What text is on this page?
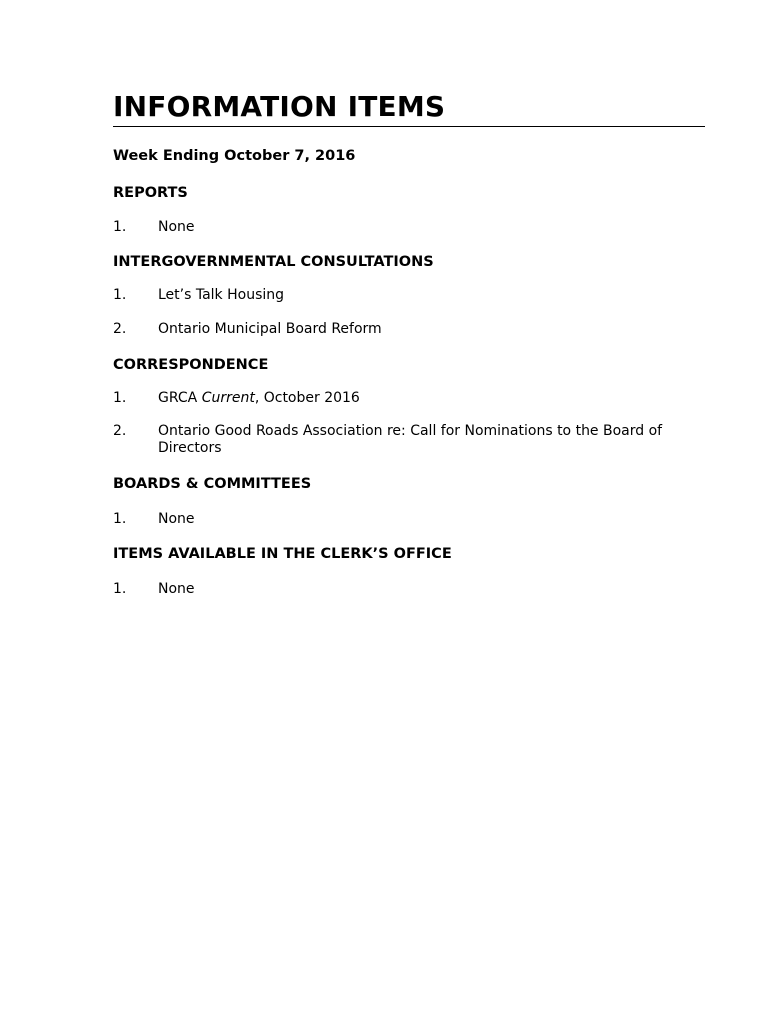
INFORMATION ITEMS

Week Ending October 7, 2016

REPORTS

1.	None

INTERGOVERNMENTAL CONSULTATIONS

1.	Let’s Talk Housing
2.	Ontario Municipal Board Reform

CORRESPONDENCE

1.	GRCA Current, October 2016
2.	Ontario Good Roads Association re: Call for Nominations to the Board of Directors

BOARDS & COMMITTEES

1.	None

ITEMS AVAILABLE IN THE CLERK’S OFFICE

1.	None
